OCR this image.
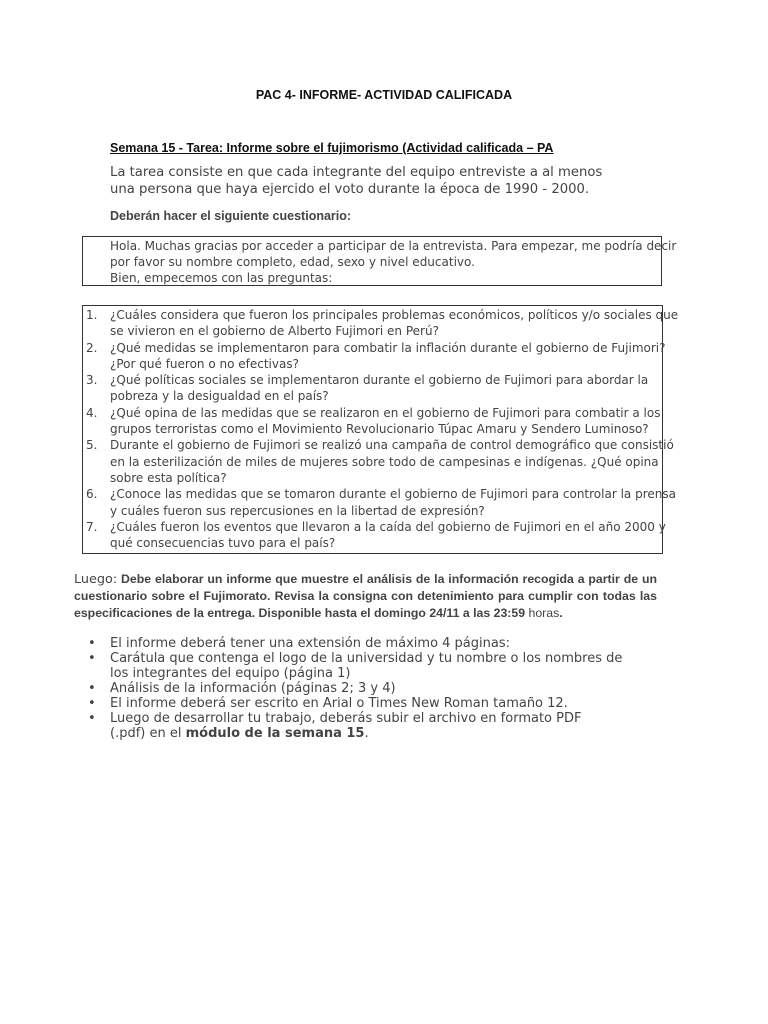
PAC 4- INFORME- ACTIVIDAD CALIFICADA
Semana 15 - Tarea: Informe sobre el fujimorismo (Actividad calificada – PA
La tarea consiste en que cada integrante del equipo entreviste a al menos
una persona que haya ejercido el voto durante la época de 1990 - 2000.
Deberán hacer el siguiente cuestionario:
Hola. Muchas gracias por acceder a participar de la entrevista. Para empezar, me podría decir
por favor su nombre completo, edad, sexo y nivel educativo.
Bien, empecemos con las preguntas:
1. ¿Cuáles considera que fueron los principales problemas económicos, políticos y/o sociales que
se vivieron en el gobierno de Alberto Fujimori en Perú?
2. ¿Qué medidas se implementaron para combatir la inflación durante el gobierno de Fujimori?
¿Por qué fueron o no efectivas?
3. ¿Qué políticas sociales se implementaron durante el gobierno de Fujimori para abordar la
pobreza y la desigualdad en el país?
4. ¿Qué opina de las medidas que se realizaron en el gobierno de Fujimori para combatir a los
grupos terroristas como el Movimiento Revolucionario Túpac Amaru y Sendero Luminoso?
5. Durante el gobierno de Fujimori se realizó una campaña de control demográfico que consistió
en la esterilización de miles de mujeres sobre todo de campesinas e indígenas. ¿Qué opina
sobre esta política?
6. ¿Conoce las medidas que se tomaron durante el gobierno de Fujimori para controlar la prensa
y cuáles fueron sus repercusiones en la libertad de expresión?
7. ¿Cuáles fueron los eventos que llevaron a la caída del gobierno de Fujimori en el año 2000 y
qué consecuencias tuvo para el país?
Luego: Debe elaborar un informe que muestre el análisis de la información recogida a partir de un
cuestionario sobre el Fujimorato. Revisa la consigna con detenimiento para cumplir con todas las
especificaciones de la entrega. Disponible hasta el domingo 24/11 a las 23:59 horas.
• El informe deberá tener una extensión de máximo 4 páginas:
• Carátula que contenga el logo de la universidad y tu nombre o los nombres de
los integrantes del equipo (página 1)
• Análisis de la información (páginas 2; 3 y 4)
• El informe deberá ser escrito en Arial o Times New Roman tamaño 12.
• Luego de desarrollar tu trabajo, deberás subir el archivo en formato PDF
(.pdf) en el módulo de la semana 15.
